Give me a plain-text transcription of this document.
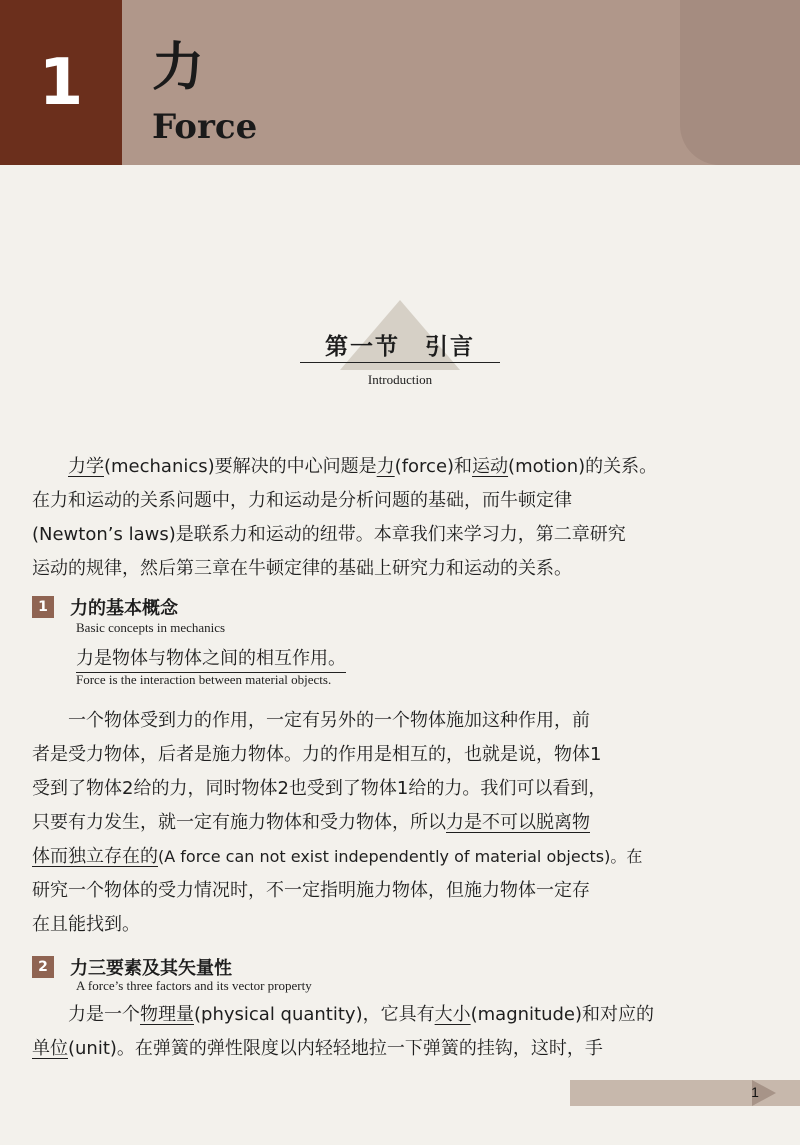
1 力
Force
第一节　引言
Introduction
力学(mechanics)要解决的中心问题是力(force)和运动(motion)的关系。
在力和运动的关系问题中，力和运动是分析问题的基础，而牛顿定律
(Newton’s laws)是联系力和运动的纽带。本章我们来学习力，第二章研究
运动的规律，然后第三章在牛顿定律的基础上研究力和运动的关系。
1	力的基本概念
Basic concepts in mechanics
力是物体与物体之间的相互作用。
Force is the interaction between material objects.
一个物体受到力的作用，一定有另外的一个物体施加这种作用，前
者是受力物体，后者是施力物体。力的作用是相互的，也就是说，物体1
受到了物体2给的力，同时物体2也受到了物体1给的力。我们可以看到，
只要有力发生，就一定有施力物体和受力物体，所以力是不可以脱离物
体而独立存在的(A force can not exist independently of material objects)。在
研究一个物体的受力情况时，不一定指明施力物体，但施力物体一定存
在且能找到。
2	力三要素及其矢量性
A force’s three factors and its vector property
力是一个物理量(physical quantity)，它具有大小(magnitude)和对应的
单位(unit)。在弹簧的弹性限度以内轻轻地拉一下弹簧的挂钩，这时，手
1
